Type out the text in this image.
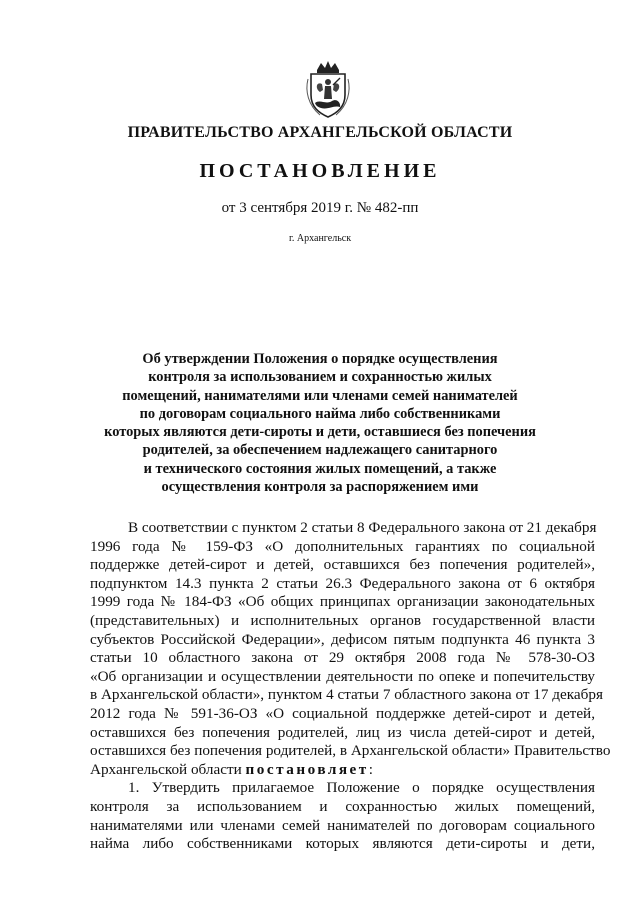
ПРАВИТЕЛЬСТВО АРХАНГЕЛЬСКОЙ ОБЛАСТИ
ПОСТАНОВЛЕНИЕ
от 3 сентября 2019 г. № 482-пп
г. Архангельск
Об утверждении Положения о порядке осуществления
контроля за использованием и сохранностью жилых
помещений, нанимателями или членами семей нанимателей
по договорам социального найма либо собственниками
которых являются дети-сироты и дети, оставшиеся без попечения
родителей, за обеспечением надлежащего санитарного
и технического состояния жилых помещений, а также
осуществления контроля за распоряжением ими
В соответствии с пунктом 2 статьи 8 Федерального закона от 21 декабря
1996 года № 159-ФЗ «О дополнительных гарантиях по социальной
поддержке детей-сирот и детей, оставшихся без попечения родителей»,
подпунктом 14.3 пункта 2 статьи 26.3 Федерального закона от 6 октября
1999 года № 184-ФЗ «Об общих принципах организации законодательных
(представительных) и исполнительных органов государственной власти
субъектов Российской Федерации», дефисом пятым подпункта 46 пункта 3
статьи 10 областного закона от 29 октября 2008 года № 578-30-ОЗ
«Об организации и осуществлении деятельности по опеке и попечительству
в Архангельской области», пунктом 4 статьи 7 областного закона от 17 декабря
2012 года № 591-36-ОЗ «О социальной поддержке детей-сирот и детей,
оставшихся без попечения родителей, лиц из числа детей-сирот и детей,
оставшихся без попечения родителей, в Архангельской области» Правительство
Архангельской области постановляет:
1. Утвердить прилагаемое Положение о порядке осуществления
контроля за использованием и сохранностью жилых помещений,
нанимателями или членами семей нанимателей по договорам социального
найма либо собственниками которых являются дети-сироты и дети,
